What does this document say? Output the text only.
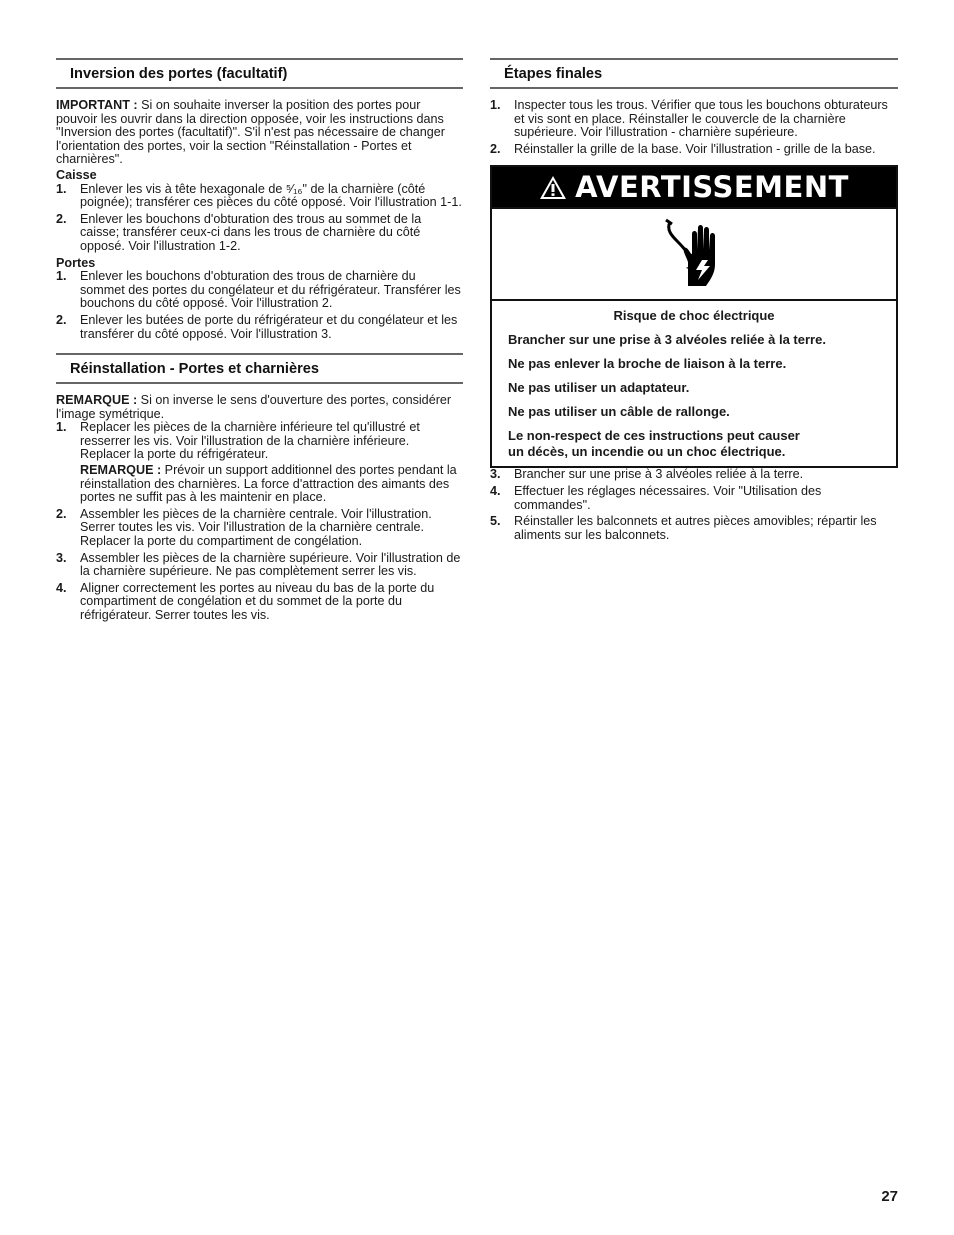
Inversion des portes (facultatif)

IMPORTANT : Si on souhaite inverser la position des portes pour pouvoir les ouvrir dans la direction opposée, voir les instructions dans "Inversion des portes (facultatif)". S'il n'est pas nécessaire de changer l'orientation des portes, voir la section "Réinstallation - Portes et charnières".

Caisse
1. Enlever les vis à tête hexagonale de ⁵⁄₁₆" de la charnière (côté poignée); transférer ces pièces du côté opposé. Voir l'illustration 1-1.
2. Enlever les bouchons d'obturation des trous au sommet de la caisse; transférer ceux-ci dans les trous de charnière du côté opposé. Voir l'illustration 1-2.
Portes
1. Enlever les bouchons d'obturation des trous de charnière du sommet des portes du congélateur et du réfrigérateur. Transférer les bouchons du côté opposé. Voir l'illustration 2.
2. Enlever les butées de porte du réfrigérateur et du congélateur et les transférer du côté opposé. Voir l'illustration 3.
Réinstallation - Portes et charnières

REMARQUE : Si on inverse le sens d'ouverture des portes, considérer l'image symétrique.

1. Replacer les pièces de la charnière inférieure tel qu'illustré et resserrer les vis. Voir l'illustration de la charnière inférieure. Replacer la porte du réfrigérateur.
REMARQUE : Prévoir un support additionnel des portes pendant la réinstallation des charnières. La force d'attraction des aimants des portes ne suffit pas à les maintenir en place.
2. Assembler les pièces de la charnière centrale. Voir l'illustration. Serrer toutes les vis. Voir l'illustration de la charnière centrale. Replacer la porte du compartiment de congélation.
3. Assembler les pièces de la charnière supérieure. Voir l'illustration de la charnière supérieure. Ne pas complètement serrer les vis.
4. Aligner correctement les portes au niveau du bas de la porte du compartiment de congélation et du sommet de la porte du réfrigérateur. Serrer toutes les vis.
Étapes finales
1. Inspecter tous les trous. Vérifier que tous les bouchons obturateurs et vis sont en place. Réinstaller le couvercle de la charnière supérieure. Voir l'illustration - charnière supérieure.
2. Réinstaller la grille de la base. Voir l'illustration - grille de la base.
AVERTISSEMENT
Risque de choc électrique
Brancher sur une prise à 3 alvéoles reliée à la terre.
Ne pas enlever la broche de liaison à la terre.
Ne pas utiliser un adaptateur.
Ne pas utiliser un câble de rallonge.
Le non-respect de ces instructions peut causer
un décès, un incendie ou un choc électrique.
3. Brancher sur une prise à 3 alvéoles reliée à la terre.
4. Effectuer les réglages nécessaires. Voir "Utilisation des commandes".
5. Réinstaller les balconnets et autres pièces amovibles; répartir les aliments sur les balconnets.
27
